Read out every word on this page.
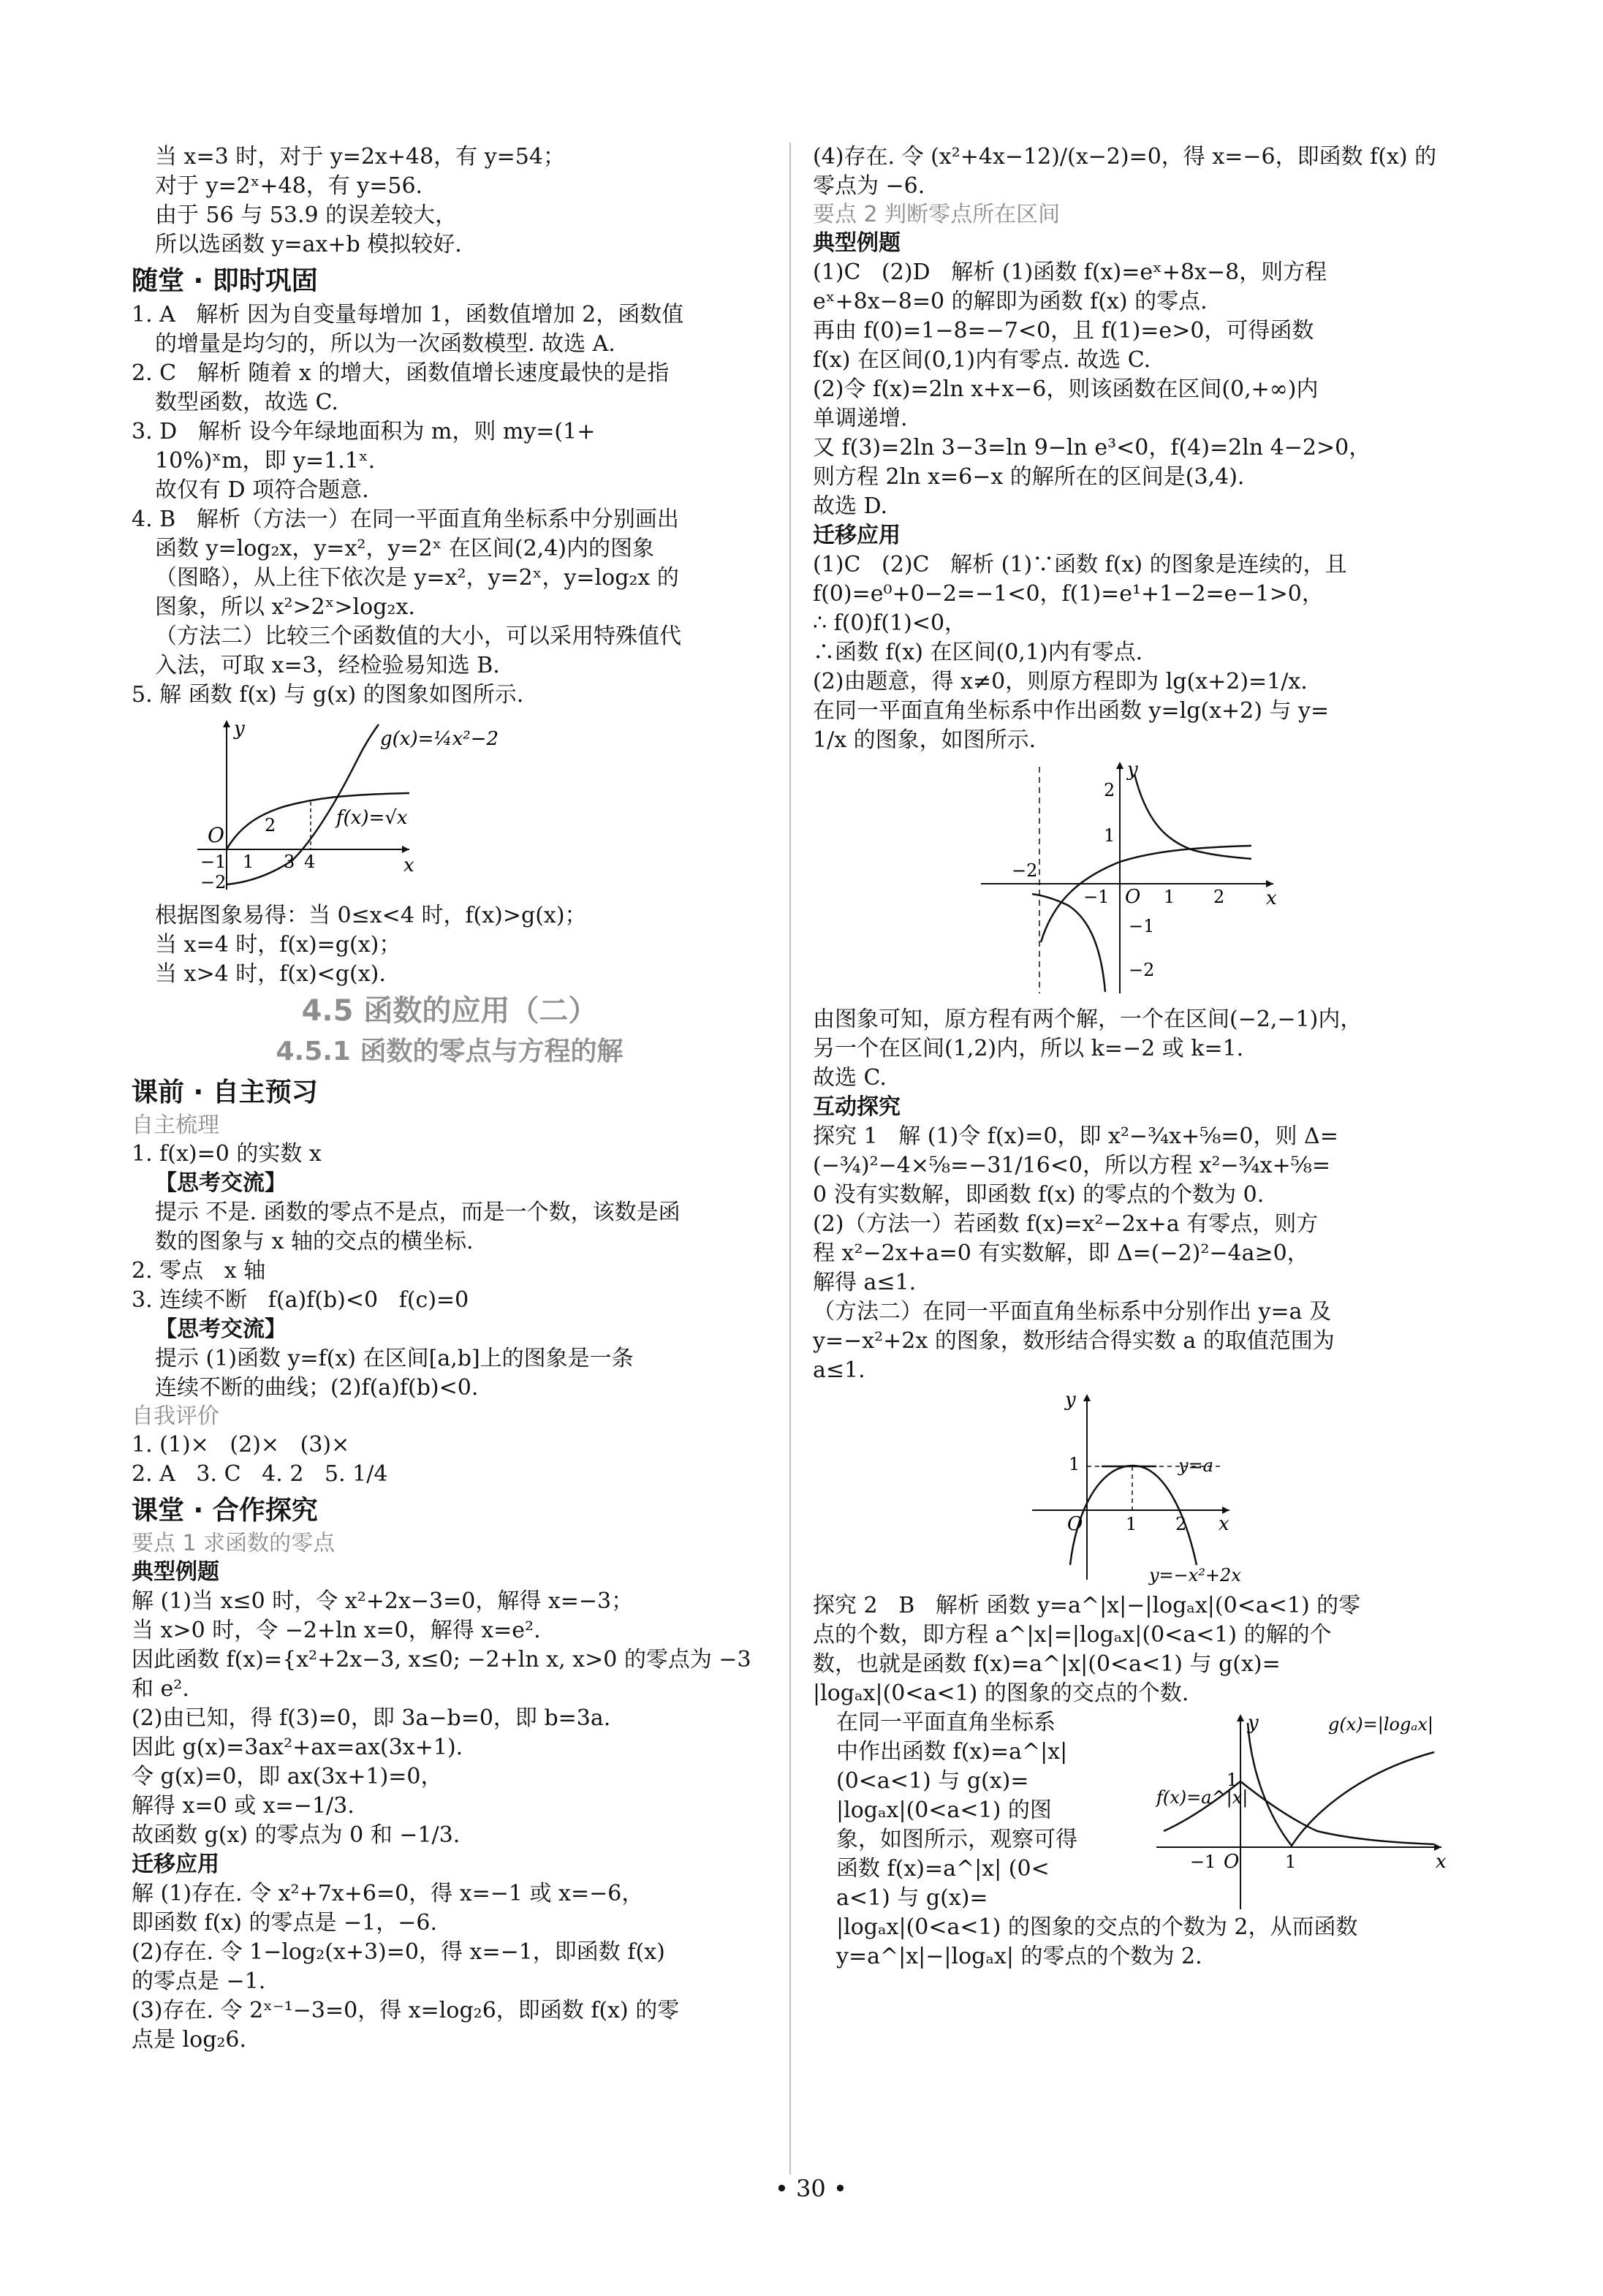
当 x=3 时，对于 y=2x+48，有 y=54；

对于 y=2ˣ+48，有 y=56.

由于 56 与 53.9 的误差较大，

所以选函数 y=ax+b 模拟较好.

随堂 · 即时巩固

1. A   解析 因为自变量每增加 1，函数值增加 2，函数值

的增量是均匀的，所以为一次函数模型. 故选 A.

2. C   解析 随着 x 的增大，函数值增长速度最快的是指

数型函数，故选 C.

3. D   解析 设今年绿地面积为 m，则 my=(1+

10%)ˣm，即 y=1.1ˣ.

故仅有 D 项符合题意.

4. B   解析（方法一）在同一平面直角坐标系中分别画出

函数 y=log₂x，y=x²，y=2ˣ 在区间(2,4)内的图象

（图略），从上往下依次是 y=x²，y=2ˣ，y=log₂x 的

图象，所以 x²>2ˣ>log₂x.

（方法二）比较三个函数值的大小，可以采用特殊值代

入法，可取 x=3，经检验易知选 B.

5. 解 函数 f(x) 与 g(x) 的图象如图所示.

y
x
O
−1 1
2
3 4
−2
g(x)=¼x²−2
f(x)=√x

根据图象易得：当 0≤x<4 时，f(x)>g(x)；

当 x=4 时，f(x)=g(x)；

当 x>4 时，f(x)<g(x).

4.5 函数的应用（二）
4.5.1 函数的零点与方程的解
课前 · 自主预习
自主梳理

1. f(x)=0 的实数 x

【思考交流】

提示 不是. 函数的零点不是点，而是一个数，该数是函

数的图象与 x 轴的交点的横坐标.

2. 零点   x 轴

3. 连续不断   f(a)f(b)<0   f(c)=0

【思考交流】

提示 (1)函数 y=f(x) 在区间[a,b]上的图象是一条

连续不断的曲线；(2)f(a)f(b)<0.

自我评价

1. (1)×   (2)×   (3)×

2. A   3. C   4. 2   5. 1/4

课堂 · 合作探究
要点 1 求函数的零点
典型例题

解 (1)当 x≤0 时，令 x²+2x−3=0，解得 x=−3；

当 x>0 时，令 −2+ln x=0，解得 x=e².

因此函数 f(x)={x²+2x−3, x≤0; −2+ln x, x>0 的零点为 −3 和 e².

(2)由已知，得 f(3)=0，即 3a−b=0，即 b=3a.

因此 g(x)=3ax²+ax=ax(3x+1).

令 g(x)=0，即 ax(3x+1)=0，

解得 x=0 或 x=−1/3.

故函数 g(x) 的零点为 0 和 −1/3.

迁移应用

解 (1)存在. 令 x²+7x+6=0，得 x=−1 或 x=−6，

即函数 f(x) 的零点是 −1，−6.

(2)存在. 令 1−log₂(x+3)=0，得 x=−1，即函数 f(x)

的零点是 −1.

(3)存在. 令 2ˣ⁻¹−3=0，得 x=log₂6，即函数 f(x) 的零

点是 log₂6.

(4)存在. 令 (x²+4x−12)/(x−2)=0，得 x=−6，即函数 f(x) 的

零点为 −6.

要点 2 判断零点所在区间
典型例题

(1)C   (2)D   解析 (1)函数 f(x)=eˣ+8x−8，则方程

eˣ+8x−8=0 的解即为函数 f(x) 的零点.

再由 f(0)=1−8=−7<0，且 f(1)=e>0，可得函数

f(x) 在区间(0,1)内有零点. 故选 C.

(2)令 f(x)=2ln x+x−6，则该函数在区间(0,+∞)内

单调递增.

又 f(3)=2ln 3−3=ln 9−ln e³<0，f(4)=2ln 4−2>0，

则方程 2ln x=6−x 的解所在的区间是(3,4).

故选 D.

迁移应用

(1)C   (2)C   解析 (1)∵函数 f(x) 的图象是连续的，且

f(0)=e⁰+0−2=−1<0，f(1)=e¹+1−2=e−1>0，

∴ f(0)f(1)<0，

∴函数 f(x) 在区间(0,1)内有零点.

(2)由题意，得 x≠0，则原方程即为 lg(x+2)=1/x.

在同一平面直角坐标系中作出函数 y=lg(x+2) 与 y=

1/x 的图象，如图所示.

y
x
O
2
1
−2
−1	1 2
−1
−2

由图象可知，原方程有两个解，一个在区间(−2,−1)内，

另一个在区间(1,2)内，所以 k=−2 或 k=1.

故选 C.

互动探究

探究 1   解 (1)令 f(x)=0，即 x²−¾x+⅝=0，则 Δ=

(−¾)²−4×⅝=−31/16<0，所以方程 x²−¾x+⅝=

0 没有实数解，即函数 f(x) 的零点的个数为 0.

(2)（方法一）若函数 f(x)=x²−2x+a 有零点，则方

程 x²−2x+a=0 有实数解，即 Δ=(−2)²−4a≥0，

解得 a≤1.

（方法二）在同一平面直角坐标系中分别作出 y=a 及

y=−x²+2x 的图象，数形结合得实数 a 的取值范围为

a≤1.

y
x
O
1
1 2
y=a
y=−x²+2x

探究 2   B   解析 函数 y=a^|x|−|logₐx|(0<a<1) 的零

点的个数，即方程 a^|x|=|logₐx|(0<a<1) 的解的个

数，也就是函数 f(x)=a^|x|(0<a<1) 与 g(x)=

|logₐx|(0<a<1) 的图象的交点的个数.

y
x
O
1
−1	1
g(x)=|logₐx|
f(x)=a^|x|

在同一平面直角坐标系

中作出函数 f(x)=a^|x|

(0<a<1) 与 g(x)=

|logₐx|(0<a<1) 的图

象，如图所示，观察可得

函数 f(x)=a^|x| (0<

a<1) 与 g(x)=

|logₐx|(0<a<1) 的图象的交点的个数为 2，从而函数

y=a^|x|−|logₐx| 的零点的个数为 2.

• 30 •
